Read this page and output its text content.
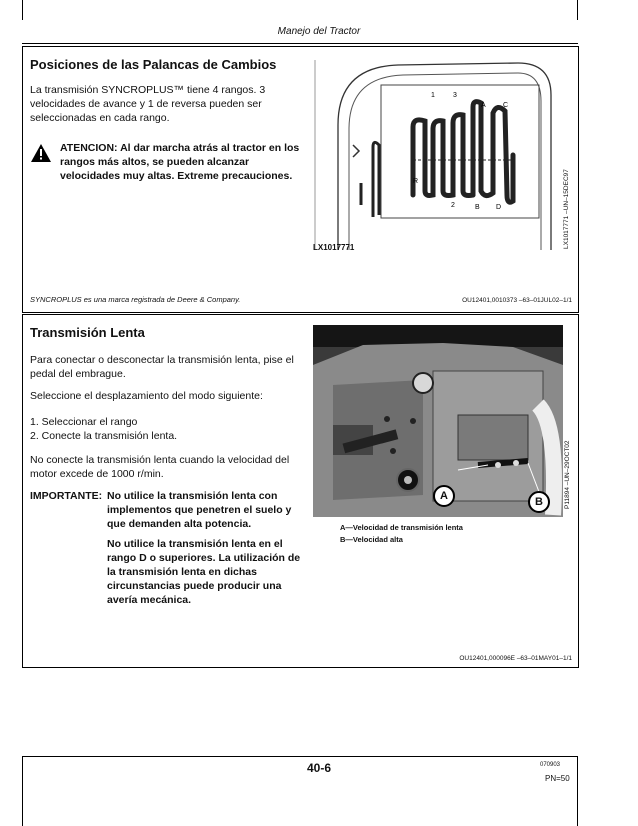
Manejo del Tractor
Posiciones de las Palancas de Cambios
La transmisión SYNCROPLUS™ tiene 4 rangos. 3 velocidades de avance y 1 de reversa pueden ser seleccionadas en cada rango.
ATENCION: Al dar marcha atrás al tractor en los rangos más altos, se pueden alcanzar velocidades muy altas. Extreme precauciones.
1	3
A C
R
2	B D
LX1017771	LX1017771 –UN–15DEC97
SYNCROPLUS es una marca registrada de Deere & Company.	OU12401,0010373 –63–01JUL02–1/1
Transmisión Lenta
Para conectar o desconectar la transmisión lenta, pise el pedal del embrague.
Seleccione el desplazamiento del modo siguiente:
1. Seleccionar el rango
2. Conecte la transmisión lenta.
No conecte la transmisión lenta cuando la velocidad del motor excede de 1000 r/min.
IMPORTANTE: No utilice la transmisión lenta con implementos que penetren el suelo y que demanden alta potencia.
No utilice la transmisión lenta en el rango D o superiores. La utilización de la transmisión lenta en dichas circunstancias puede producir una avería mecánica.
A	B	P11894 –UN–29OCT02
A—Velocidad de transmisión lenta
B—Velocidad alta
OU12401,000096E –63–01MAY01–1/1
40-6	070903
PN=50
